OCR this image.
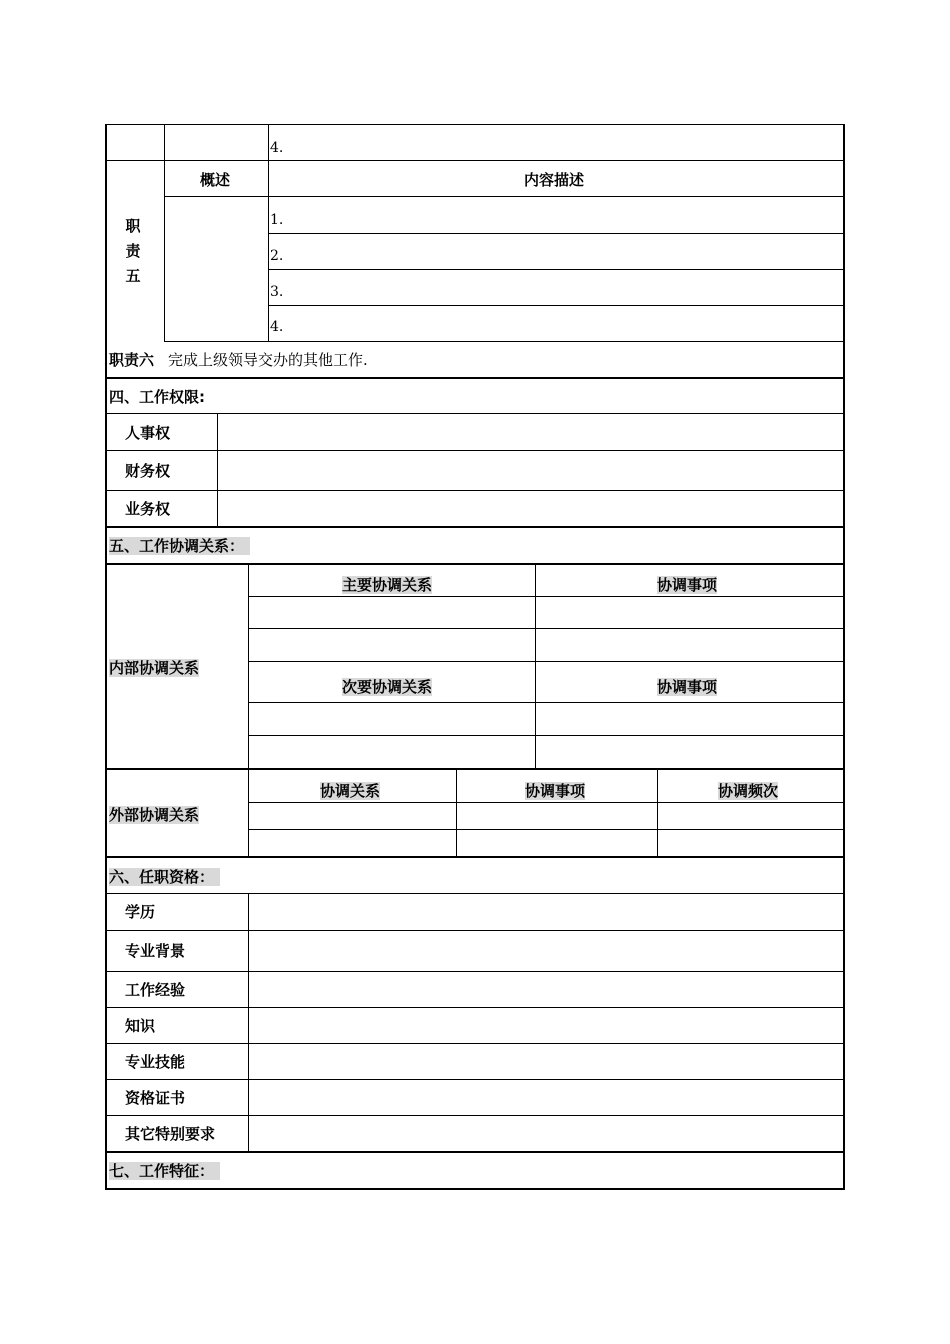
4.
概述	内容描述
职
责
五
1.
2.
3.
4.
职责六 完成上级领导交办的其他工作.
四、工作权限:
人事权
财务权
业务权
五、工作协调关系：
内部协调关系
主要协调关系	协调事项
次要协调关系	协调事项
外部协调关系
协调关系	协调事项	协调频次
六、任职资格：
学历
专业背景
工作经验
知识
专业技能
资格证书
其它特别要求
七、工作特征：
